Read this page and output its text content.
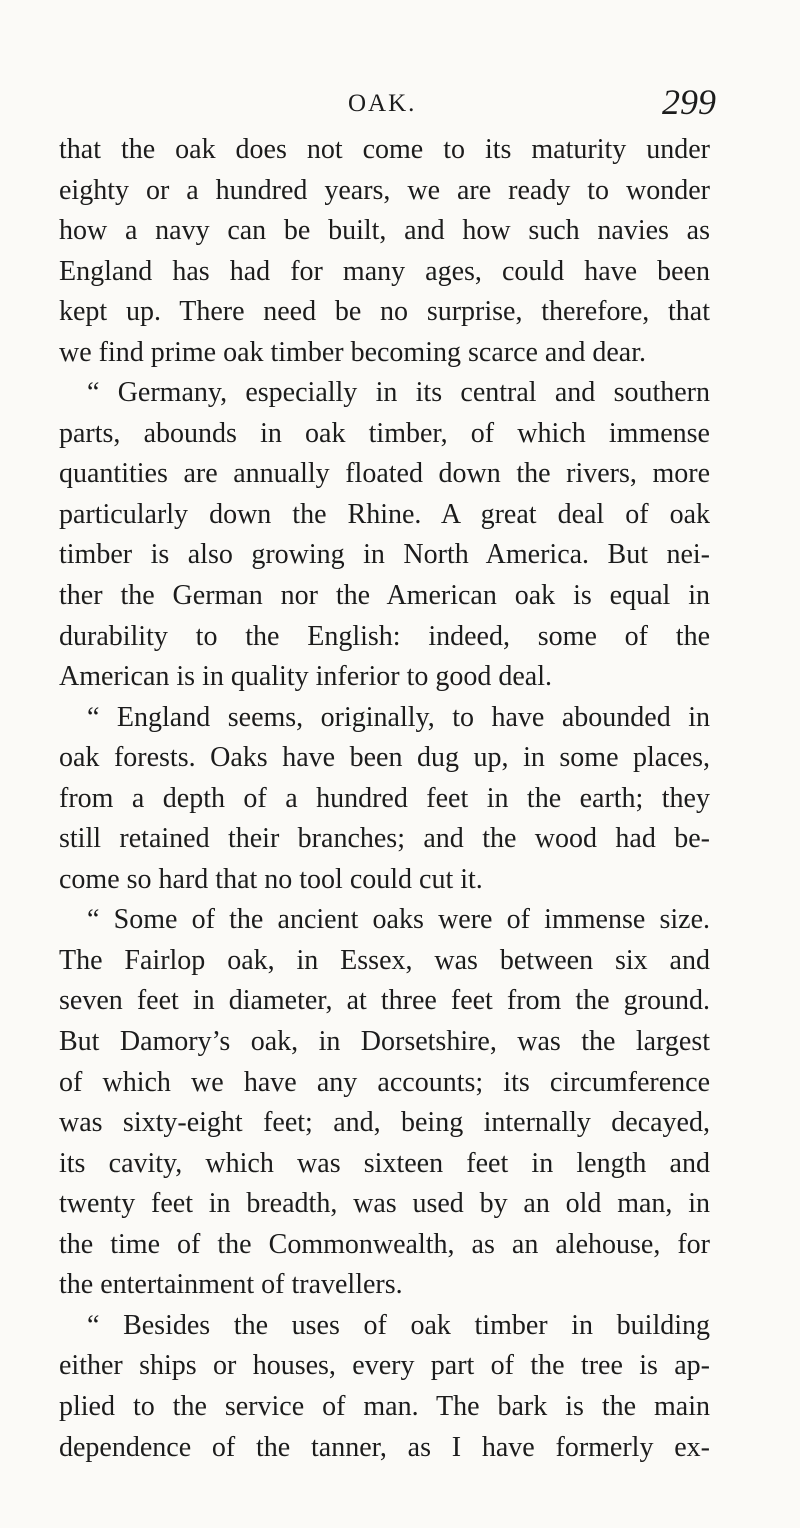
OAK.	299
that the oak does not come to its maturity under
eighty or a hundred years, we are ready to wonder
how a navy can be built, and how such navies as
England has had for many ages, could have been
kept up. There need be no surprise, therefore, that
we find prime oak timber becoming scarce and dear.
“ Germany, especially in its central and southern
parts, abounds in oak timber, of which immense
quantities are annually floated down the rivers, more
particularly down the Rhine. A great deal of oak
timber is also growing in North America. But nei-
ther the German nor the American oak is equal in
durability to the English: indeed, some of the
American is in quality inferior to good deal.
“ England seems, originally, to have abounded in
oak forests. Oaks have been dug up, in some places,
from a depth of a hundred feet in the earth; they
still retained their branches; and the wood had be-
come so hard that no tool could cut it.
“ Some of the ancient oaks were of immense size.
The Fairlop oak, in Essex, was between six and
seven feet in diameter, at three feet from the ground.
But Damory’s oak, in Dorsetshire, was the largest
of which we have any accounts; its circumference
was sixty-eight feet; and, being internally decayed,
its cavity, which was sixteen feet in length and
twenty feet in breadth, was used by an old man, in
the time of the Commonwealth, as an alehouse, for
the entertainment of travellers.
“ Besides the uses of oak timber in building
either ships or houses, every part of the tree is ap-
plied to the service of man. The bark is the main
dependence of the tanner, as I have formerly ex-
